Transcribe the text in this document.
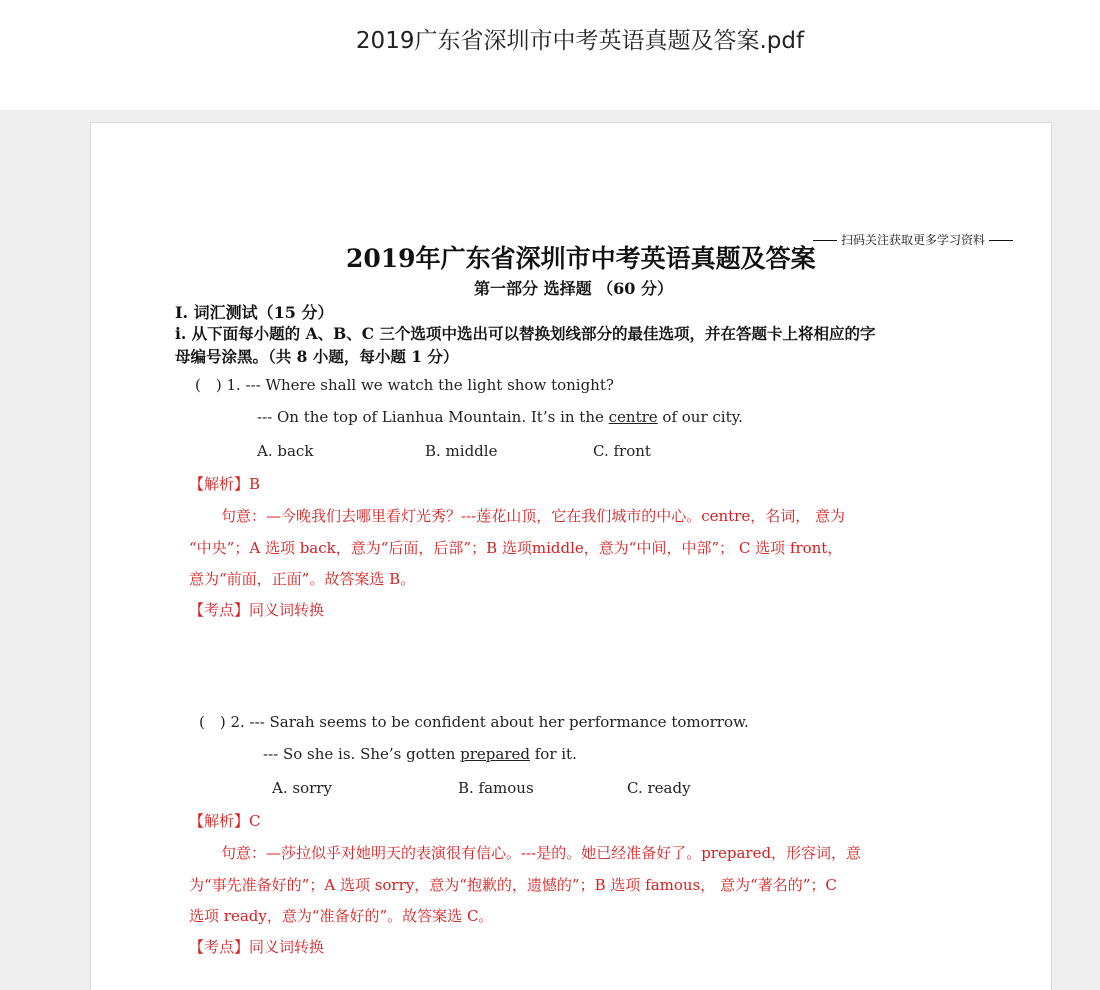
2019广东省深圳市中考英语真题及答案.pdf
扫码关注获取更多学习资料
2019年广东省深圳市中考英语真题及答案
第一部分 选择题 （60 分）
I. 词汇测试（15 分）
i. 从下面每小题的 A、B、C 三个选项中选出可以替换划线部分的最佳选项，并在答题卡上将相应的字
母编号涂黑。（共 8 小题，每小题 1 分）
(　) 1. --- Where shall we watch the light show tonight?
--- On the top of Lianhua Mountain. It’s in the centre of our city.
A. back	B. middle	C. front
【解析】B
句意：—今晚我们去哪里看灯光秀？---莲花山顶，它在我们城市的中心。centre，名词， 意为
“中央”；A 选项 back，意为“后面，后部”；B 选项middle，意为“中间，中部”； C 选项 front，
意为“前面，正面”。故答案选 B。
【考点】同义词转换
(　) 2. --- Sarah seems to be confident about her performance tomorrow.
--- So she is. She’s gotten prepared for it.
A. sorry	B. famous	C. ready
【解析】C
句意：—莎拉似乎对她明天的表演很有信心。---是的。她已经准备好了。prepared，形容词，意
为“事先准备好的”；A 选项 sorry，意为“抱歉的，遗憾的”；B 选项 famous， 意为“著名的”；C
选项 ready，意为“准备好的”。故答案选 C。
【考点】同义词转换
